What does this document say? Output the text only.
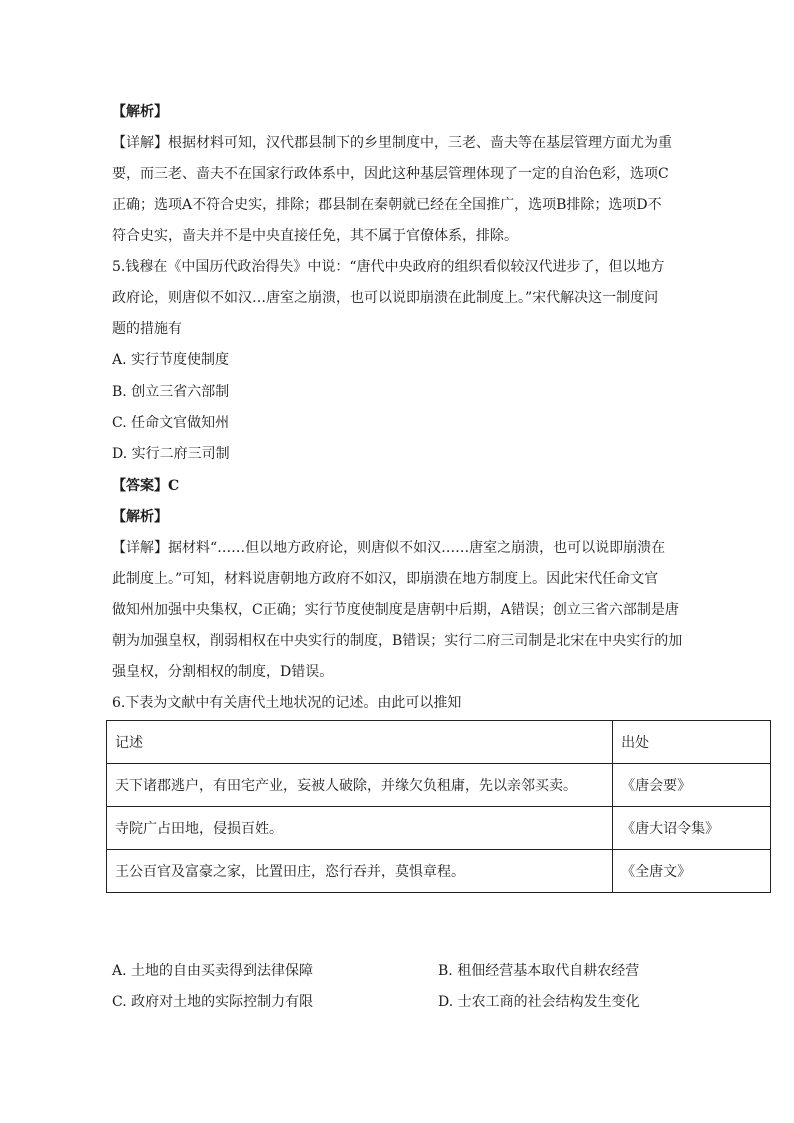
【解析】
【详解】根据材料可知，汉代郡县制下的乡里制度中，三老、啬夫等在基层管理方面尤为重
要，而三老、啬夫不在国家行政体系中，因此这种基层管理体现了一定的自治色彩，选项C
正确；选项A不符合史实，排除；郡县制在秦朝就已经在全国推广，选项B排除；选项D不
符合史实，啬夫并不是中央直接任免，其不属于官僚体系，排除。
5.钱穆在《中国历代政治得失》中说：“唐代中央政府的组织看似较汉代进步了，但以地方
政府论，则唐似不如汉…唐室之崩溃，也可以说即崩溃在此制度上。”宋代解决这一制度问
题的措施有
A. 实行节度使制度
B. 创立三省六部制
C. 任命文官做知州
D. 实行二府三司制
【答案】C
【解析】
【详解】据材料“……但以地方政府论，则唐似不如汉……唐室之崩溃，也可以说即崩溃在
此制度上。”可知，材料说唐朝地方政府不如汉，即崩溃在地方制度上。因此宋代任命文官
做知州加强中央集权，C正确；实行节度使制度是唐朝中后期，A错误；创立三省六部制是唐
朝为加强皇权，削弱相权在中央实行的制度，B错误；实行二府三司制是北宋在中央实行的加
强皇权，分割相权的制度，D错误。
6.下表为文献中有关唐代土地状况的记述。由此可以推知
记述	出处
天下诸郡逃户，有田宅产业，妄被人破除，并缘欠负租庸，先以亲邻买卖。	《唐会要》
寺院广占田地，侵损百姓。	《唐大诏令集》
王公百官及富豪之家，比置田庄，恣行吞并，莫惧章程。	《全唐文》
A. 土地的自由买卖得到法律保障	B. 租佃经营基本取代自耕农经营
C. 政府对土地的实际控制力有限	D. 士农工商的社会结构发生变化
